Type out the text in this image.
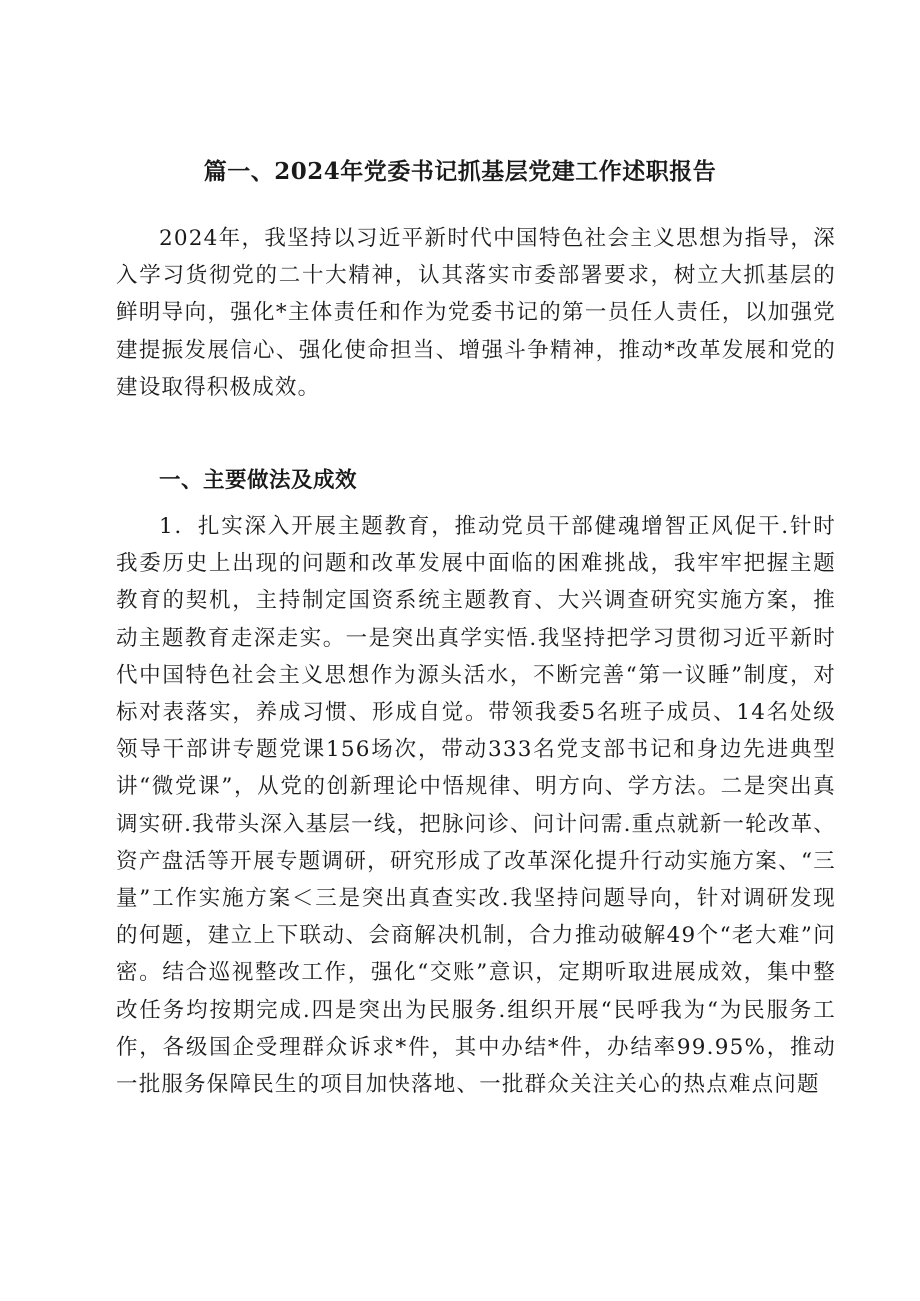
篇一、2024年党委书记抓基层党建工作述职报告

2024年，我坚持以习近平新时代中国特色社会主义思想为指导，深入学习货彻党的二十大精神，认其落实市委部署要求，树立大抓基层的鲜明导向，强化*主体责任和作为党委书记的第一员任人责任，以加强党建提振发展信心、强化使命担当、增强斗争精神，推动*改革发展和党的建设取得积极成效。

一、主要做法及成效

1．扎实深入开展主题教育，推动党员干部健魂增智正风促干.针时我委历史上出现的问题和改革发展中面临的困难挑战，我牢牢把握主题教育的契机，主持制定国资系统主题教育、大兴调查研究实施方案，推动主题教育走深走实。一是突出真学实悟.我坚持把学习贯彻习近平新时代中国特色社会主义思想作为源头活水，不断完善“第一议睡”制度，对标对表落实，养成习惯、形成自觉。带领我委5名班子成员、14名处级领导干部讲专题党课156场次，带动333名党支部书记和身边先进典型讲“微党课”，从党的创新理论中悟规律、明方向、学方法。二是突出真调实研.我带头深入基层一线，把脉问诊、问计问需.重点就新一轮改革、资产盘活等开展专题调研，研究形成了改革深化提升行动实施方案、“三量”工作实施方案＜三是突出真查实改.我坚持问题导向，针对调研发现的何题，建立上下联动、会商解决机制，合力推动破解49个“老大难”问密。结合巡视整改工作，强化“交账”意识，定期听取进展成效，集中整改任务均按期完成.四是突出为民服务.组织开展“民呼我为“为民服务工作，各级国企受理群众诉求*件，其中办结*件，办结率99.95%，推动一批服务保障民生的项目加快落地、一批群众关注关心的热点难点问题
